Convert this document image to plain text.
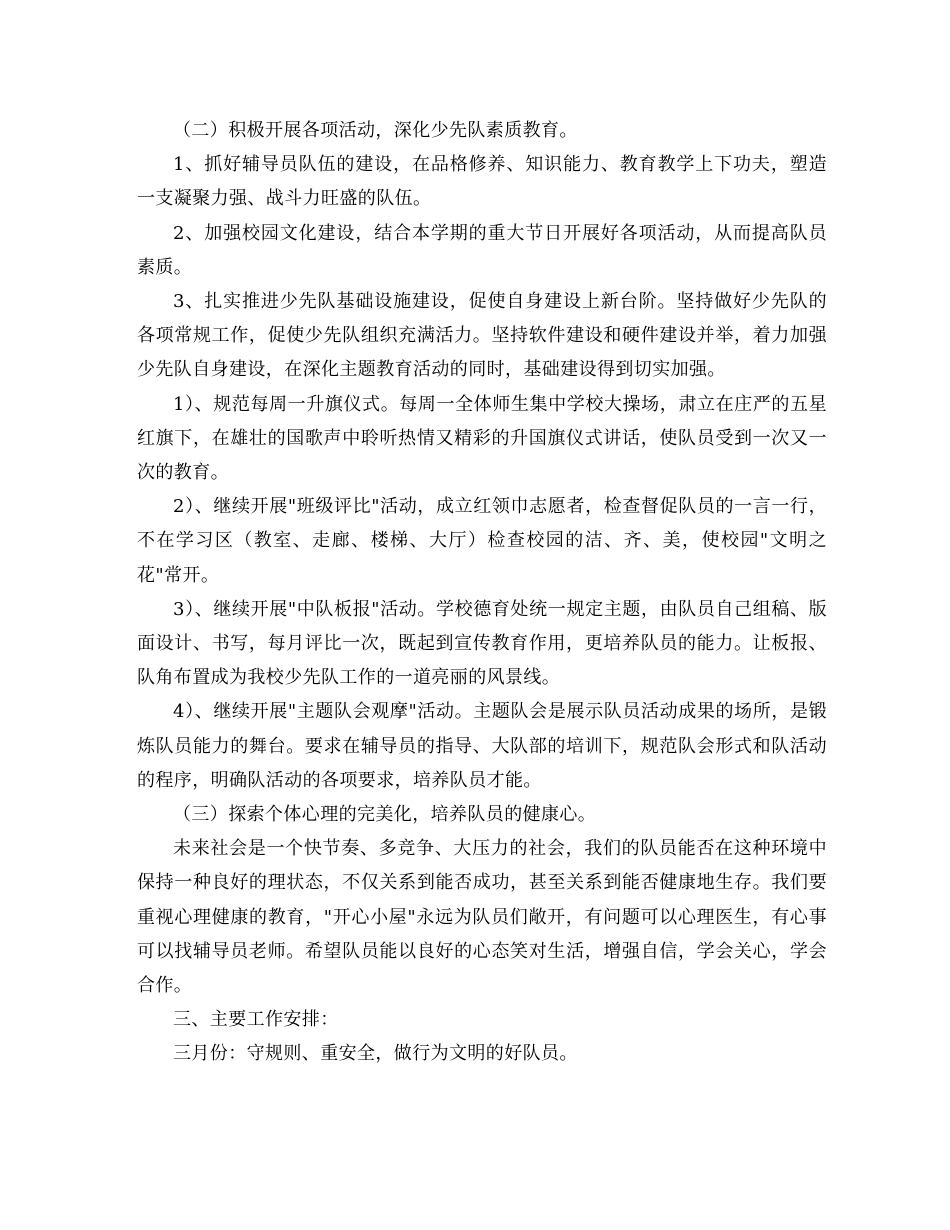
（二）积极开展各项活动，深化少先队素质教育。

1、抓好辅导员队伍的建设，在品格修养、知识能力、教育教学上下功夫，塑造一支凝聚力强、战斗力旺盛的队伍。

2、加强校园文化建设，结合本学期的重大节日开展好各项活动，从而提高队员素质。

3、扎实推进少先队基础设施建设，促使自身建设上新台阶。坚持做好少先队的各项常规工作，促使少先队组织充满活力。坚持软件建设和硬件建设并举，着力加强少先队自身建设，在深化主题教育活动的同时，基础建设得到切实加强。

1）、规范每周一升旗仪式。每周一全体师生集中学校大操场，肃立在庄严的五星红旗下，在雄壮的国歌声中聆听热情又精彩的升国旗仪式讲话，使队员受到一次又一次的教育。

2）、继续开展"班级评比"活动，成立红领巾志愿者，检查督促队员的一言一行，不在学习区（教室、走廊、楼梯、大厅）检查校园的洁、齐、美，使校园"文明之花"常开。

3）、继续开展"中队板报"活动。学校德育处统一规定主题，由队员自己组稿、版面设计、书写，每月评比一次，既起到宣传教育作用，更培养队员的能力。让板报、队角布置成为我校少先队工作的一道亮丽的风景线。

4）、继续开展"主题队会观摩"活动。主题队会是展示队员活动成果的场所，是锻炼队员能力的舞台。要求在辅导员的指导、大队部的培训下，规范队会形式和队活动的程序，明确队活动的各项要求，培养队员才能。

（三）探索个体心理的完美化，培养队员的健康心。

未来社会是一个快节奏、多竞争、大压力的社会，我们的队员能否在这种环境中保持一种良好的理状态，不仅关系到能否成功，甚至关系到能否健康地生存。我们要重视心理健康的教育，"开心小屋"永远为队员们敞开，有问题可以心理医生，有心事可以找辅导员老师。希望队员能以良好的心态笑对生活，增强自信，学会关心，学会合作。

三、主要工作安排：

三月份：守规则、重安全，做行为文明的好队员。
